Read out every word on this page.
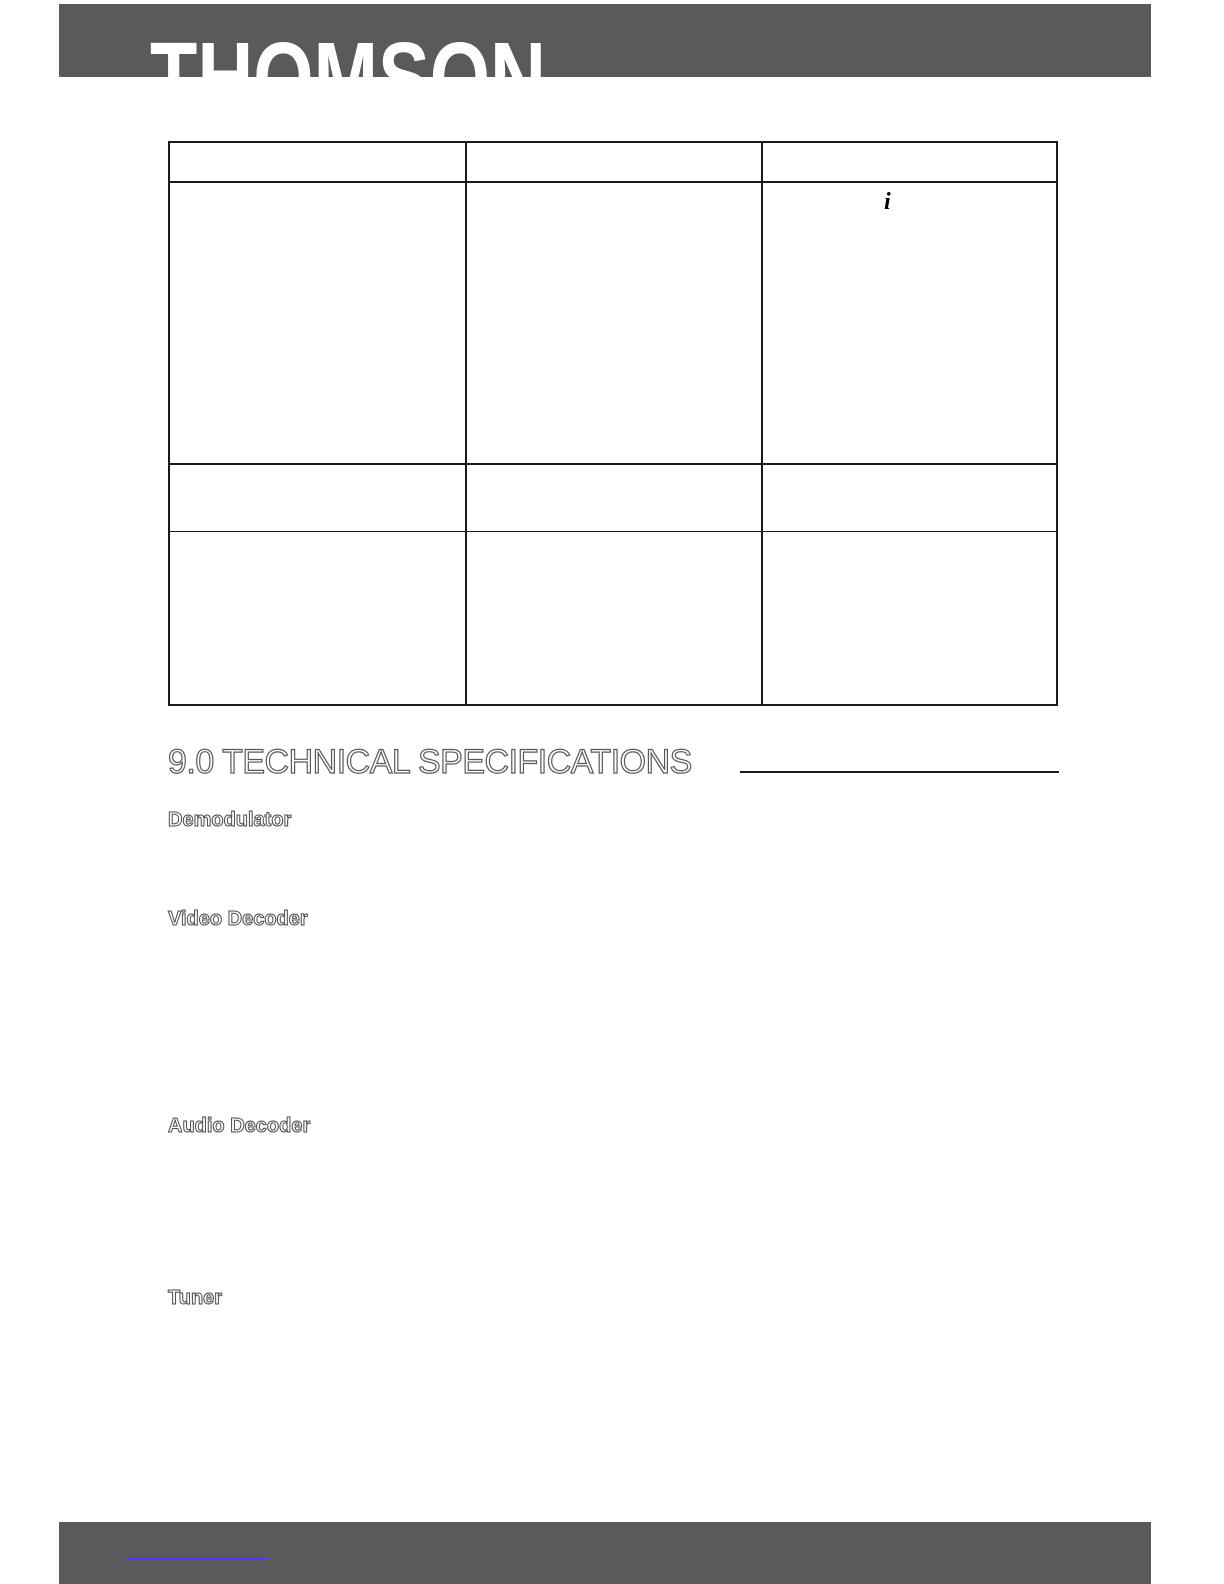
THOMSON
i
9.0 TECHNICAL SPECIFICATIONS
Demodulator
Video Decoder
Audio Decoder
Tuner
